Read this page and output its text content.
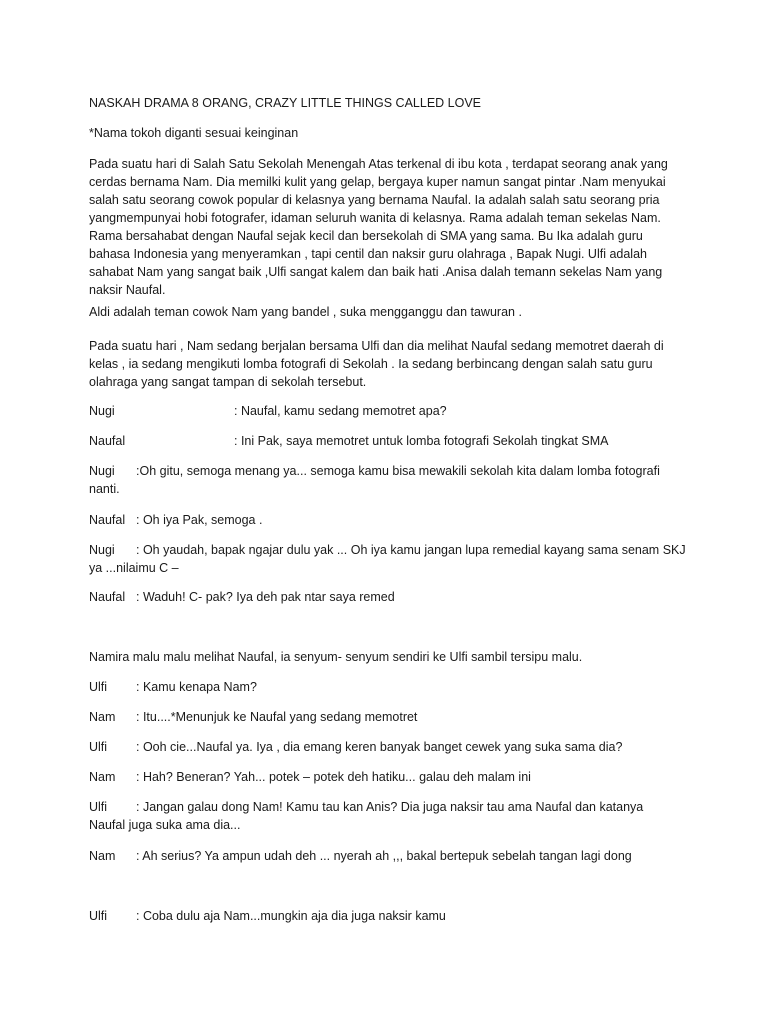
NASKAH DRAMA 8 ORANG, CRAZY LITTLE THINGS CALLED LOVE
*Nama tokoh diganti sesuai keinginan
Pada suatu hari di Salah Satu Sekolah Menengah Atas terkenal di ibu kota , terdapat seorang anak yang cerdas bernama Nam. Dia memilki kulit yang gelap, bergaya kuper namun sangat pintar .Nam menyukai salah satu seorang cowok popular di kelasnya yang bernama Naufal. Ia adalah salah satu seorang pria yangmempunyai hobi fotografer, idaman seluruh wanita di kelasnya. Rama adalah teman sekelas Nam. Rama bersahabat dengan Naufal sejak kecil dan bersekolah di SMA yang sama. Bu Ika adalah guru bahasa Indonesia yang menyeramkan , tapi centil dan naksir guru olahraga , Bapak Nugi. Ulfi adalah sahabat Nam yang sangat baik ,Ulfi sangat kalem dan baik hati .Anisa dalah temann sekelas Nam yang naksir Naufal.
Aldi adalah teman cowok Nam yang bandel , suka mengganggu dan tawuran .
Pada suatu hari , Nam sedang berjalan bersama Ulfi dan dia melihat Naufal sedang memotret daerah di kelas , ia sedang mengikuti lomba fotografi di Sekolah . Ia sedang berbincang dengan salah satu guru olahraga yang sangat tampan di sekolah tersebut.
Nugi	: Naufal, kamu sedang memotret apa?
Naufal	: Ini Pak, saya memotret untuk lomba fotografi Sekolah tingkat SMA
Nugi :Oh gitu, semoga menang ya... semoga kamu bisa mewakili sekolah kita dalam lomba fotografi
nanti.
Naufal : Oh iya Pak, semoga .
Nugi : Oh yaudah, bapak ngajar dulu yak ... Oh iya kamu jangan lupa remedial kayang sama senam SKJ
ya ...nilaimu C –
Naufal : Waduh! C- pak? Iya deh pak ntar saya remed
Namira malu malu melihat Naufal, ia senyum- senyum sendiri ke Ulfi sambil tersipu malu.
Ulfi : Kamu kenapa Nam?
Nam : Itu....*Menunjuk ke Naufal yang sedang memotret
Ulfi : Ooh cie...Naufal ya. Iya , dia emang keren banyak banget cewek yang suka sama dia?
Nam : Hah? Beneran? Yah... potek – potek deh hatiku... galau deh malam ini
Ulfi : Jangan galau dong Nam! Kamu tau kan Anis? Dia juga naksir tau ama Naufal dan katanya
Naufal juga suka ama dia...
Nam : Ah serius? Ya ampun udah deh ... nyerah ah ,,, bakal bertepuk sebelah tangan lagi dong
Ulfi : Coba dulu aja Nam...mungkin aja dia juga naksir kamu
